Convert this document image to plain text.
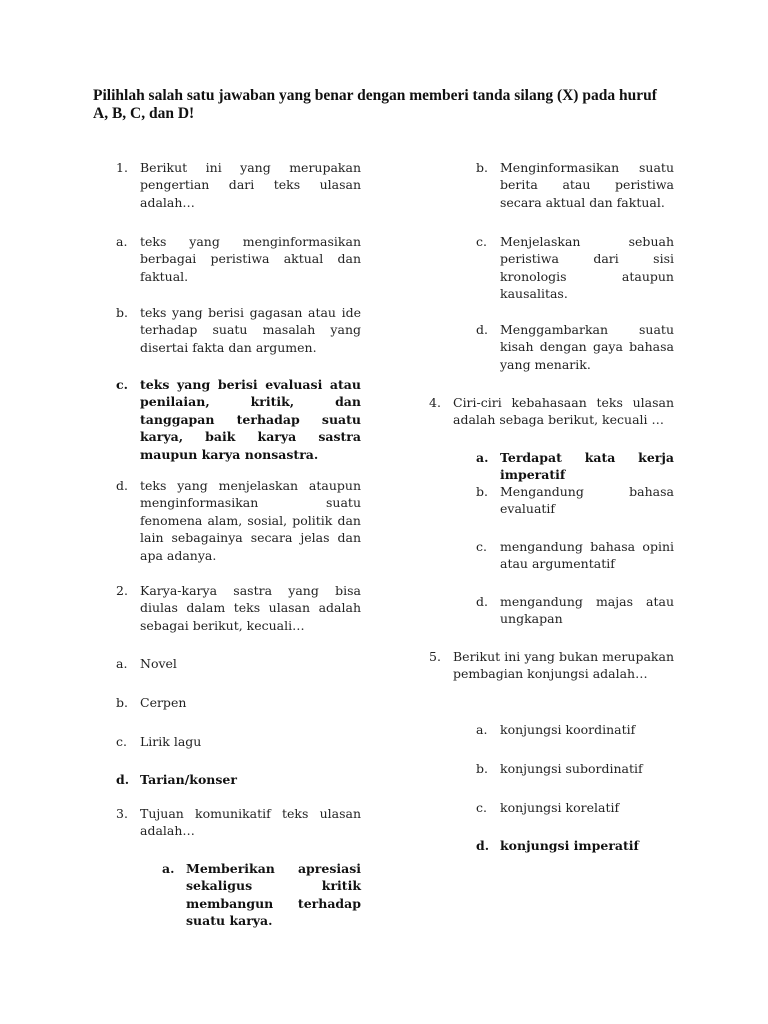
Pilihlah salah satu jawaban yang benar dengan memberi tanda silang (X) pada huruf A, B, C, dan D!
1. Berikut ini yang merupakan pengertian dari teks ulasan adalah…
a. teks yang menginformasikan berbagai peristiwa aktual dan faktual.
b. teks yang berisi gagasan atau ide terhadap suatu masalah yang disertai fakta dan argumen.
c. teks yang berisi evaluasi atau penilaian, kritik, dan tanggapan terhadap suatu karya, baik karya sastra maupun karya nonsastra.
d. teks yang menjelaskan ataupun menginformasikan suatu fenomena alam, sosial, politik dan lain sebagainya secara jelas dan apa adanya.
2. Karya-karya sastra yang bisa diulas dalam teks ulasan adalah sebagai berikut, kecuali…
a. Novel
b. Cerpen
c. Lirik lagu
d. Tarian/konser
3. Tujuan komunikatif teks ulasan adalah…
a. Memberikan apresiasi sekaligus kritik membangun terhadap suatu karya.
b. Menginformasikan suatu berita atau peristiwa secara aktual dan faktual.
c. Menjelaskan sebuah peristiwa dari sisi kronologis ataupun kausalitas.
d. Menggambarkan suatu kisah dengan gaya bahasa yang menarik.
4. Ciri-ciri kebahasaan teks ulasan adalah sebaga berikut, kecuali …
a. Terdapat kata kerja imperatif
b. Mengandung bahasa evaluatif
c. mengandung bahasa opini atau argumentatif
d. mengandung majas atau ungkapan
5. Berikut ini yang bukan merupakan pembagian konjungsi adalah…
a. konjungsi koordinatif
b. konjungsi subordinatif
c. konjungsi korelatif
d. konjungsi imperatif
